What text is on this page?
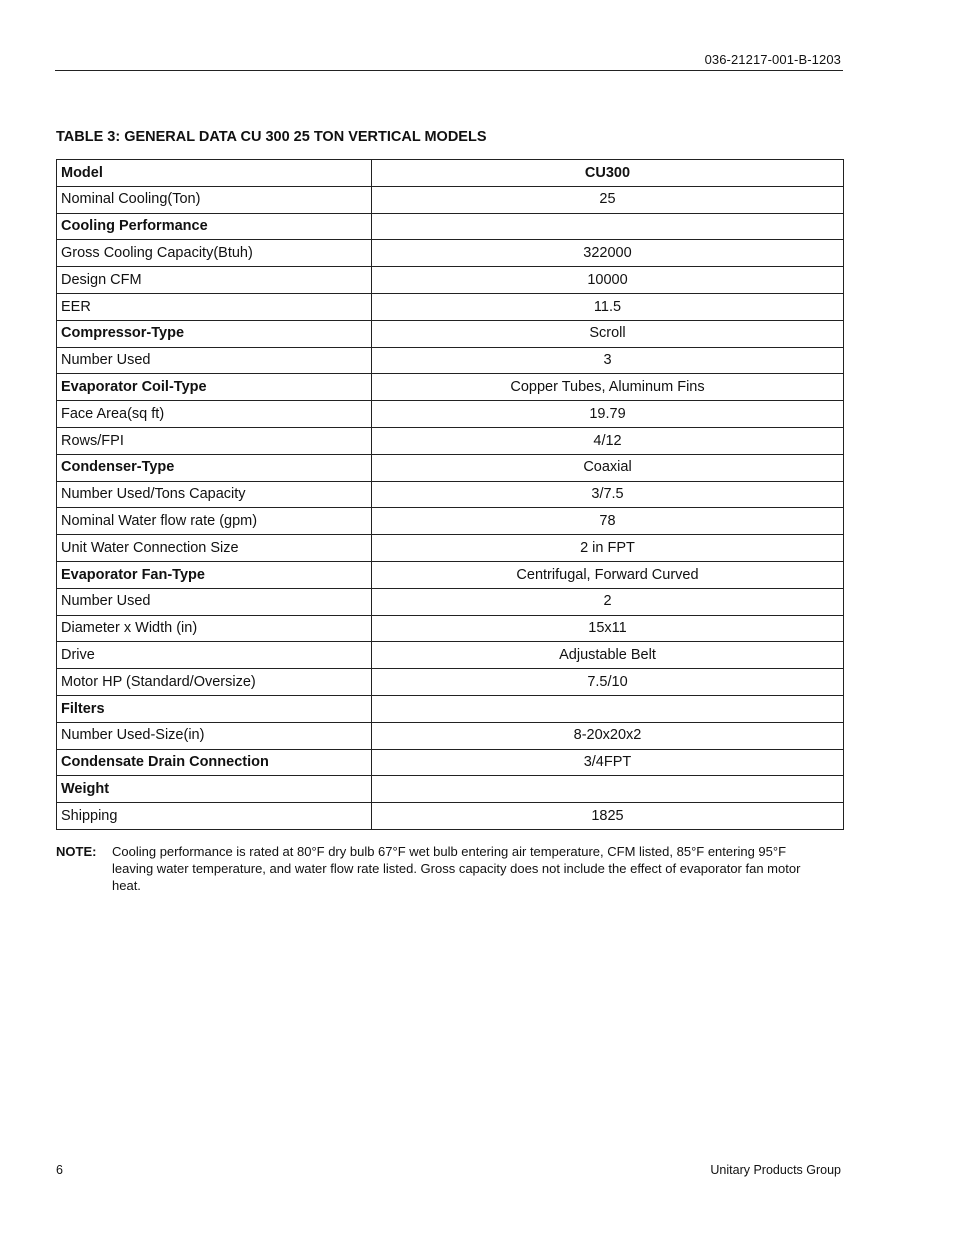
036-21217-001-B-1203
TABLE 3: GENERAL DATA CU 300 25 TON VERTICAL MODELS
Model	CU300
Nominal Cooling(Ton)	25
Cooling Performance	
Gross Cooling Capacity(Btuh)	322000
Design CFM	10000
EER	11.5
Compressor-Type	Scroll
Number Used	3
Evaporator Coil-Type	Copper Tubes, Aluminum Fins
Face Area(sq ft)	19.79
Rows/FPI	4/12
Condenser-Type	Coaxial
Number Used/Tons Capacity	3/7.5
Nominal Water flow rate (gpm)	78
Unit Water Connection Size	2 in FPT
Evaporator Fan-Type	Centrifugal, Forward Curved
Number Used	2
Diameter x Width (in)	15x11
Drive	Adjustable Belt
Motor HP (Standard/Oversize)	7.5/10
Filters	
Number Used-Size(in)	8-20x20x2
Condensate Drain Connection	3/4FPT
Weight	
Shipping	1825
NOTE:	Cooling performance is rated at 80°F dry bulb 67°F wet bulb entering air temperature, CFM listed, 85°F entering 95°F leaving water temperature, and water flow rate listed. Gross capacity does not include the effect of evaporator fan motor heat.
6	Unitary Products Group
